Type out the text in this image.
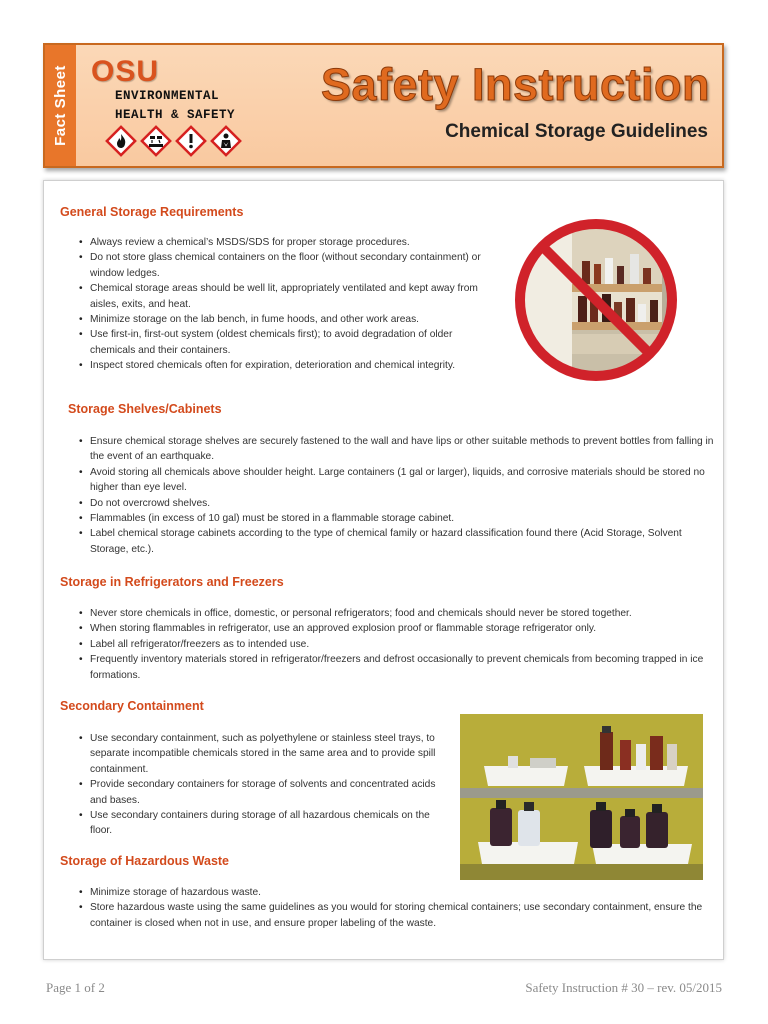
Fact Sheet OSU
ENVIRONMENTAL
HEALTH & SAFETY
Safety Instruction
Chemical Storage Guidelines
General Storage Requirements
• Always review a chemical’s MSDS/SDS for proper storage procedures.
• Do not store glass chemical containers on the floor (without secondary containment) or window ledges.
• Chemical storage areas should be well lit, appropriately ventilated and kept away from aisles, exits, and heat.
• Minimize storage on the lab bench, in fume hoods, and other work areas.
• Use first-in, first-out system (oldest chemicals first); to avoid degradation of older chemicals and their containers.
• Inspect stored chemicals often for expiration, deterioration and chemical integrity.
Storage Shelves/Cabinets
• Ensure chemical storage shelves are securely fastened to the wall and have lips or other suitable methods to prevent bottles from falling in the event of an earthquake.
• Avoid storing all chemicals above shoulder height. Large containers (1 gal or larger), liquids, and corrosive materials should be stored no higher than eye level.
• Do not overcrowd shelves.
• Flammables (in excess of 10 gal) must be stored in a flammable storage cabinet.
• Label chemical storage cabinets according to the type of chemical family or hazard classification found there (Acid Storage, Solvent Storage, etc.).
Storage in Refrigerators and Freezers
• Never store chemicals in office, domestic, or personal refrigerators; food and chemicals should never be stored together.
• When storing flammables in refrigerator, use an approved explosion proof or flammable storage refrigerator only.
• Label all refrigerator/freezers as to intended use.
• Frequently inventory materials stored in refrigerator/freezers and defrost occasionally to prevent chemicals from becoming trapped in ice formations.
Secondary Containment
• Use secondary containment, such as polyethylene or stainless steel trays, to separate incompatible chemicals stored in the same area and to provide spill containment.
• Provide secondary containers for storage of solvents and concentrated acids and bases.
• Use secondary containers during storage of all hazardous chemicals on the floor.
Storage of Hazardous Waste
• Minimize storage of hazardous waste.
• Store hazardous waste using the same guidelines as you would for storing chemical containers; use secondary containment, ensure the container is closed when not in use, and ensure proper labeling of the waste.
Page 1 of 2	Safety Instruction # 30 – rev. 05/2015
